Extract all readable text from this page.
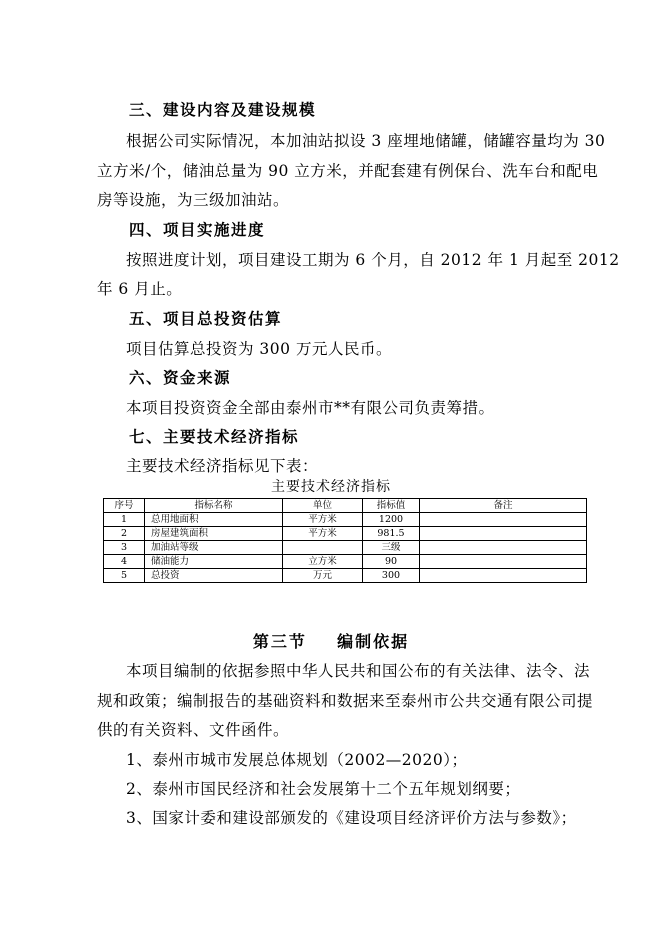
三、建设内容及建设规模
根据公司实际情况，本加油站拟设 3 座埋地储罐，储罐容量均为 30
立方米/个，储油总量为 90 立方米，并配套建有例保台、洗车台和配电
房等设施，为三级加油站。
四、项目实施进度
按照进度计划，项目建设工期为 6 个月，自 2012 年 1 月起至 2012
年 6 月止。
五、项目总投资估算
项目估算总投资为 300 万元人民币。
六、资金来源
本项目投资资金全部由泰州市**有限公司负责筹措。
七、主要技术经济指标
主要技术经济指标见下表：
主要技术经济指标
序号	指标名称	单位	指标值	备注
1	总用地面积	平方米	1200	
2	房屋建筑面积	平方米	981.5	
3	加油站等级		三级	
4	储油能力	立方米	90	
5	总投资	万元	300	
第三节    编制依据
本项目编制的依据参照中华人民共和国公布的有关法律、法令、法
规和政策；编制报告的基础资料和数据来至泰州市公共交通有限公司提
供的有关资料、文件函件。
1、泰州市城市发展总体规划（2002—2020）；
2、泰州市国民经济和社会发展第十二个五年规划纲要；
3、国家计委和建设部颁发的《建设项目经济评价方法与参数》；
